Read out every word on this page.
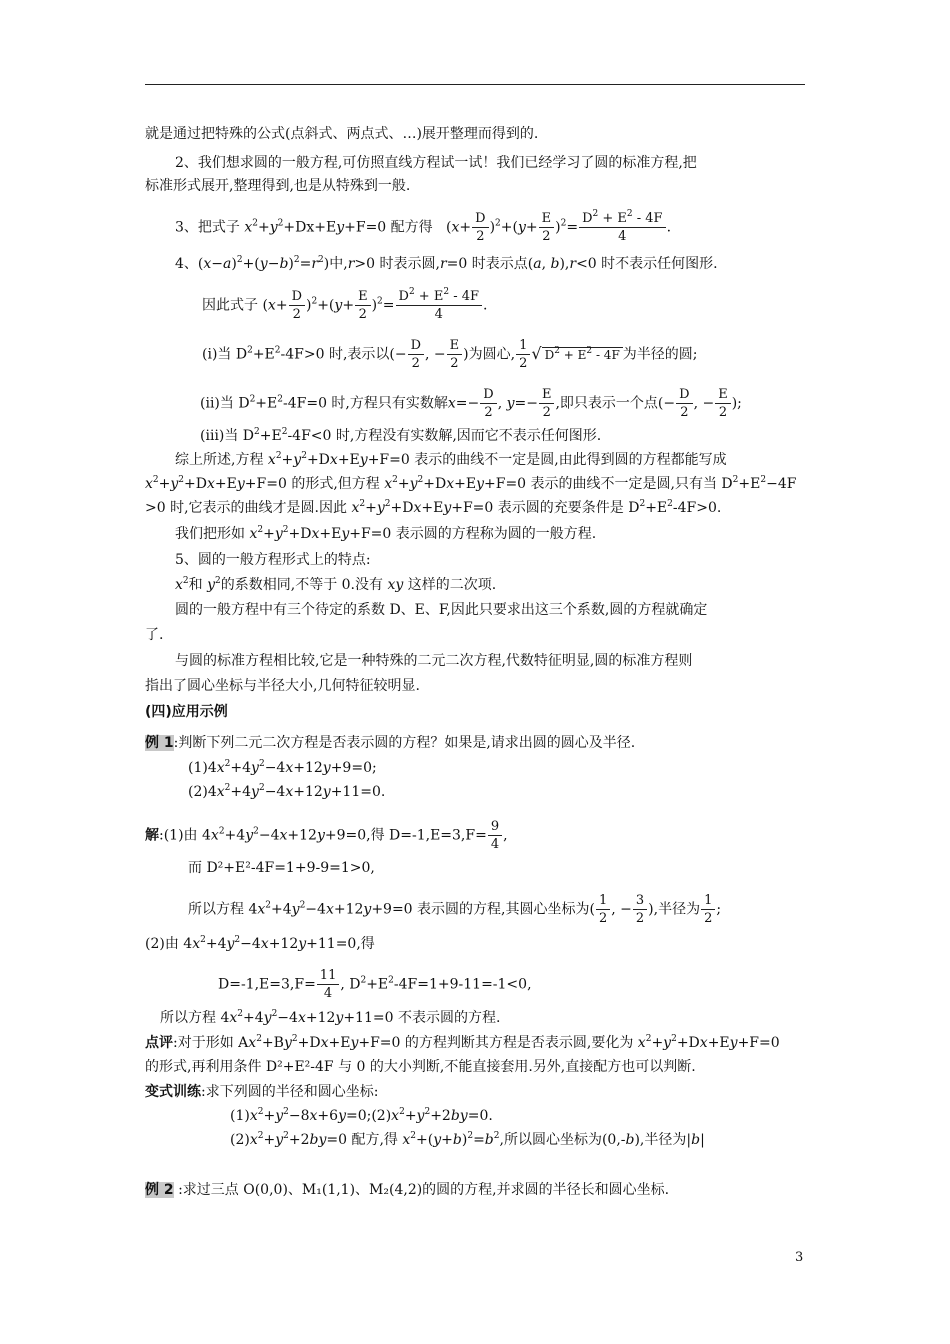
就是通过把特殊的公式(点斜式、两点式、…)展开整理而得到的.
2、我们想求圆的一般方程,可仿照直线方程试一试！我们已经学习了圆的标准方程,把
标准形式展开,整理得到,也是从特殊到一般.
3、把式子 $x^2+y^2+Dx+Ey+F=0$ 配方得   $(x+ \frac{D}{2} )^2+(y+ \frac{E}{2} )^2= \frac{D^2 + E^2 - 4F}{4}$ .
4、$(x-a)^2+(y-b)^2=r^2$)中,r>0 时表示圆,r=0 时表示点(a, b),r<0 时不表示任何图形.
因此式子 $(x+ \frac{D}{2} )^2+(y+ \frac{E}{2} )^2= \frac{D^2 + E^2 - 4F}{4}$ .
(ⅰ)当 $D^2+E^2-4F>0$ 时,表示以(− $\frac{D}{2}$ , − $\frac{E}{2}$ )为圆心, $\frac{1}{2}$ √ $D^2 + E^2 - 4F$ 为半径的圆;
(ⅱ)当 $D^2+E^2-4F=0$ 时,方程只有实数解$x=- \frac{D}{2}$ , $y=- \frac{E}{2}$ ,即只表示一个点(− $\frac{D}{2}$ , − $\frac{E}{2}$ );
(ⅲ)当 $D^2+E^2-4F<0$ 时,方程没有实数解,因而它不表示任何图形.
综上所述,方程 $x^2+y^2+Dx+Ey+F=0$ 表示的曲线不一定是圆,由此得到圆的方程都能写成
$x^2+y^2+Dx+Ey+F=0$ 的形式,但方程 $x^2+y^2+Dx+Ey+F=0$ 表示的曲线不一定是圆,只有当 $D^2+E^2-4F$
>0 时,它表示的曲线才是圆.因此 $x^2+y^2+Dx+Ey+F=0$ 表示圆的充要条件是 $D^2+E^2-4F>0$.
我们把形如 $x^2+y^2+Dx+Ey+F=0$ 表示圆的方程称为圆的一般方程.
5、圆的一般方程形式上的特点:
$x^2$和 $y^2$的系数相同,不等于 0.没有 xy 这样的二次项.
圆的一般方程中有三个待定的系数 D、E、F,因此只要求出这三个系数,圆的方程就确定
了.
与圆的标准方程相比较,它是一种特殊的二元二次方程,代数特征明显,圆的标准方程则
指出了圆心坐标与半径大小,几何特征较明显.
(四)应用示例
例 1:判断下列二元二次方程是否表示圆的方程？如果是,请求出圆的圆心及半径.
$(1)4x^2+4y^2-4x+12y+9=0$;
$(2)4x^2+4y^2-4x+12y+11=0$.
解:(1)由 $4x^2+4y^2-4x+12y+9=0$,得 $D=-1,E=3,F= \frac{9}{4}$ ,
而 D²+E²-4F=1+9-9=1>0,
所以方程 $4x^2+4y^2-4x+12y+9=0$ 表示圆的方程,其圆心坐标为( $\frac{1}{2}$ , − $\frac{3}{2}$ ),半径为 $\frac{1}{2}$ ;
(2)由 $4x^2+4y^2-4x+12y+11=0$,得
$D=-1,E=3,F= \frac{11}{4}$ , $D^2+E^2-4F=1+9-11=-1<0$,
所以方程 $4x^2+4y^2-4x+12y+11=0$ 不表示圆的方程.
点评:对于形如 $Ax^2+By^2+Dx+Ey+F=0$ 的方程判断其方程是否表示圆,要化为 $x^2+y^2+Dx+Ey+F=0$
的形式,再利用条件 D²+E²-4F 与 0 的大小判断,不能直接套用.另外,直接配方也可以判断.
变式训练:求下列圆的半径和圆心坐标:
$(1)x^2+y^2-8x+6y=0;(2)x^2+y^2+2by=0$.
$(2)x^2+y^2+2by=0$ 配方,得 $x^2+(y+b)^2=b^2$,所以圆心坐标为(0,-b),半径为|b|
例 2 :求过三点 O(0,0)、M₁(1,1)、M₂(4,2)的圆的方程,并求圆的半径长和圆心坐标.
3
